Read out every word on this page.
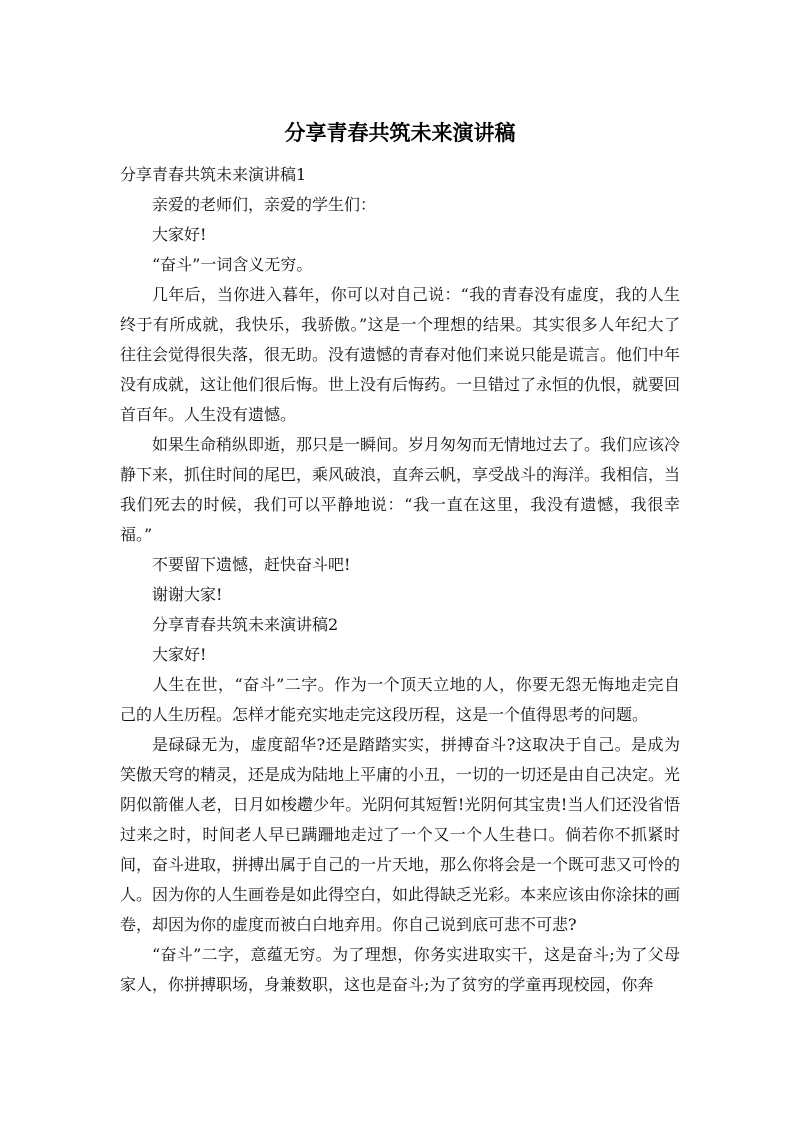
分享青春共筑未来演讲稿

分享青春共筑未来演讲稿1

亲爱的老师们，亲爱的学生们：

大家好!

“奋斗”一词含义无穷。

几年后，当你进入暮年，你可以对自己说：“我的青春没有虚度，我的人生终于有所成就，我快乐，我骄傲。”这是一个理想的结果。其实很多人年纪大了往往会觉得很失落，很无助。没有遗憾的青春对他们来说只能是谎言。他们中年没有成就，这让他们很后悔。世上没有后悔药。一旦错过了永恒的仇恨，就要回首百年。人生没有遗憾。

如果生命稍纵即逝，那只是一瞬间。岁月匆匆而无情地过去了。我们应该冷静下来，抓住时间的尾巴，乘风破浪，直奔云帆，享受战斗的海洋。我相信，当我们死去的时候，我们可以平静地说：“我一直在这里，我没有遗憾，我很幸福。”

不要留下遗憾，赶快奋斗吧!

谢谢大家!

分享青春共筑未来演讲稿2

大家好!

人生在世，“奋斗”二字。作为一个顶天立地的人，你要无怨无悔地走完自己的人生历程。怎样才能充实地走完这段历程，这是一个值得思考的问题。

是碌碌无为，虚度韶华?还是踏踏实实，拼搏奋斗?这取决于自己。是成为笑傲天穹的精灵，还是成为陆地上平庸的小丑，一切的一切还是由自己决定。光阴似箭催人老，日月如梭趱少年。光阴何其短暂!光阴何其宝贵!当人们还没省悟过来之时，时间老人早已蹒跚地走过了一个又一个人生巷口。倘若你不抓紧时间，奋斗进取，拼搏出属于自己的一片天地，那么你将会是一个既可悲又可怜的人。因为你的人生画卷是如此得空白，如此得缺乏光彩。本来应该由你涂抹的画卷，却因为你的虚度而被白白地弃用。你自己说到底可悲不可悲?

“奋斗”二字，意蕴无穷。为了理想，你务实进取实干，这是奋斗;为了父母家人，你拼搏职场，身兼数职，这也是奋斗;为了贫穷的学童再现校园，你奔
